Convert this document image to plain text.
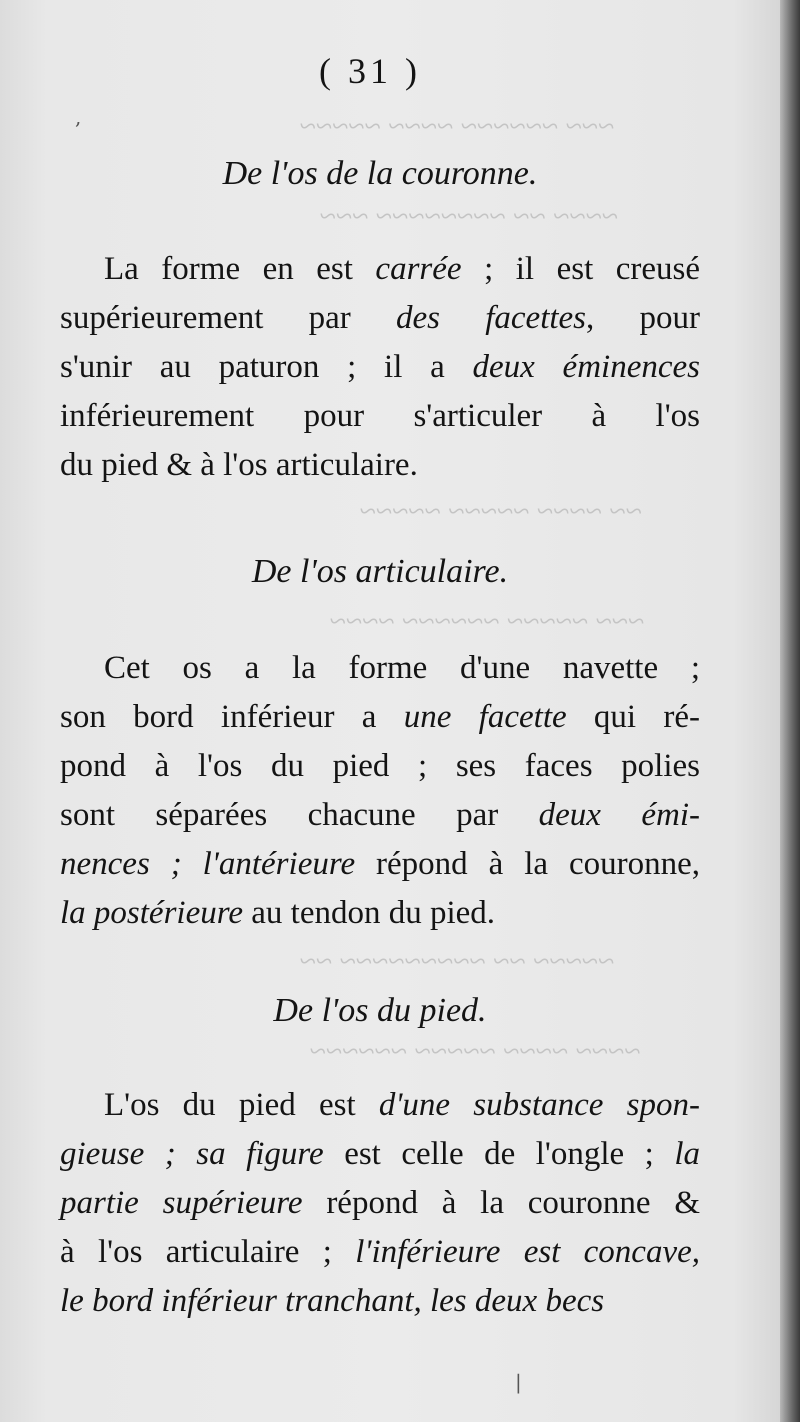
~~~ ~~~~~~ ~~~~ ~~~~~
~~~~ ~~ ~~~~~~~~ ~~~
~~ ~~~~ ~~~~~ ~~~~~
~~~ ~~~~~ ~~~~~~ ~~~~
~~~~~ ~~ ~~~~~~~~~ ~~
~~~~ ~~~~ ~~~~~ ~~~~~~
( 31 )
De l'os de la couronne.
La forme en est carrée ; il est creusé
supérieurement par des facettes, pour
s'unir au paturon ; il a deux éminences
inférieurement pour s'articuler à l'os
du pied & à l'os articulaire.
De l'os articulaire.
Cet os a la forme d'une navette ;
son bord inférieur a une facette qui ré-
pond à l'os du pied ; ses faces polies
sont séparées chacune par deux émi-
nences ; l'antérieure répond à la couronne,
la postérieure au tendon du pied.
De l'os du pied.
L'os du pied est d'une substance spon-
gieuse ; sa figure est celle de l'ongle ; la
partie supérieure répond à la couronne &
à l'os articulaire ; l'inférieure est concave,
le bord inférieur tranchant, les deux becs
,
|
